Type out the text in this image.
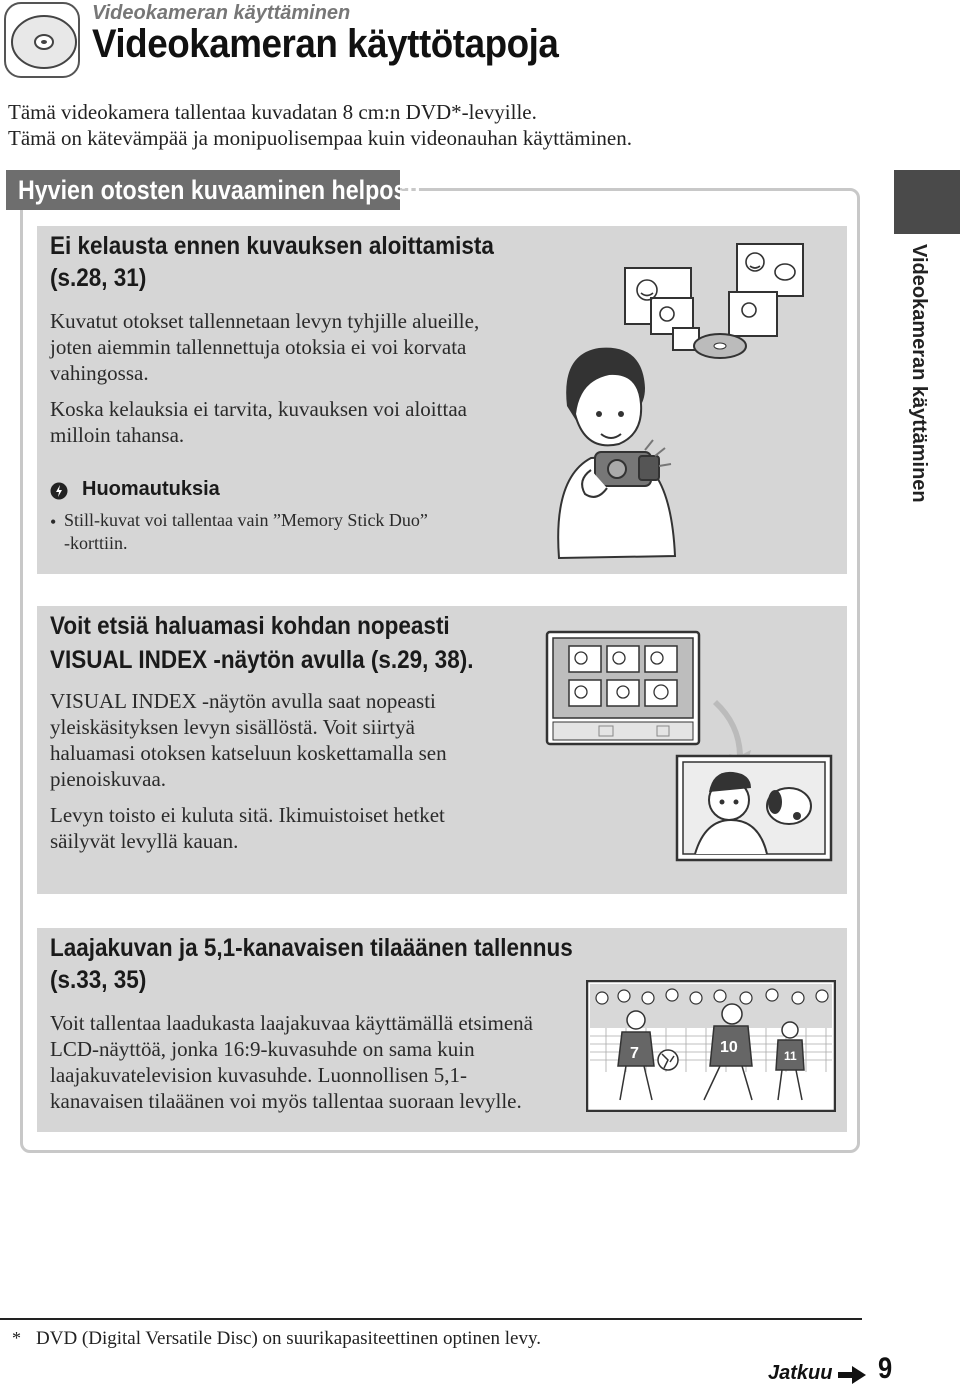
Videokameran käyttäminen
Videokameran käyttötapoja
Tämä videokamera tallentaa kuvadatan 8 cm:n DVD*-levyille.
Tämä on kätevämpää ja monipuolisempaa kuin videonauhan käyttäminen.
Hyvien otosten kuvaaminen helposti
Videokameran käyttäminen
Ei kelausta ennen kuvauksen aloittamista
(s.28, 31)
Kuvatut otokset tallennetaan levyn tyhjille alueille,
joten aiemmin tallennettuja otoksia ei voi korvata
vahingossa.
Koska kelauksia ei tarvita, kuvauksen voi aloittaa
milloin tahansa.
Huomautuksia
• Still-kuvat voi tallentaa vain ”Memory Stick Duo”
-korttiin.
Voit etsiä haluamasi kohdan nopeasti
VISUAL INDEX -näytön avulla (s.29, 38).
VISUAL INDEX -näytön avulla saat nopeasti
yleiskäsityksen levyn sisällöstä. Voit siirtyä
haluamasi otoksen katseluun koskettamalla sen
pienoiskuvaa.
Levyn toisto ei kuluta sitä. Ikimuistoiset hetket
säilyvät levyllä kauan.
Laajakuvan ja 5,1-kanavaisen tilaäänen tallennus
(s.33, 35)
Voit tallentaa laadukasta laajakuvaa käyttämällä etsimenä
LCD-näyttöä, jonka 16:9-kuvasuhde on sama kuin
laajakuvatelevision kuvasuhde. Luonnollisen 5,1-
kanavaisen tilaäänen voi myös tallentaa suoraan levylle.
7	10	11
* DVD (Digital Versatile Disc) on suurikapasiteettinen optinen levy.
Jatkuu 9
